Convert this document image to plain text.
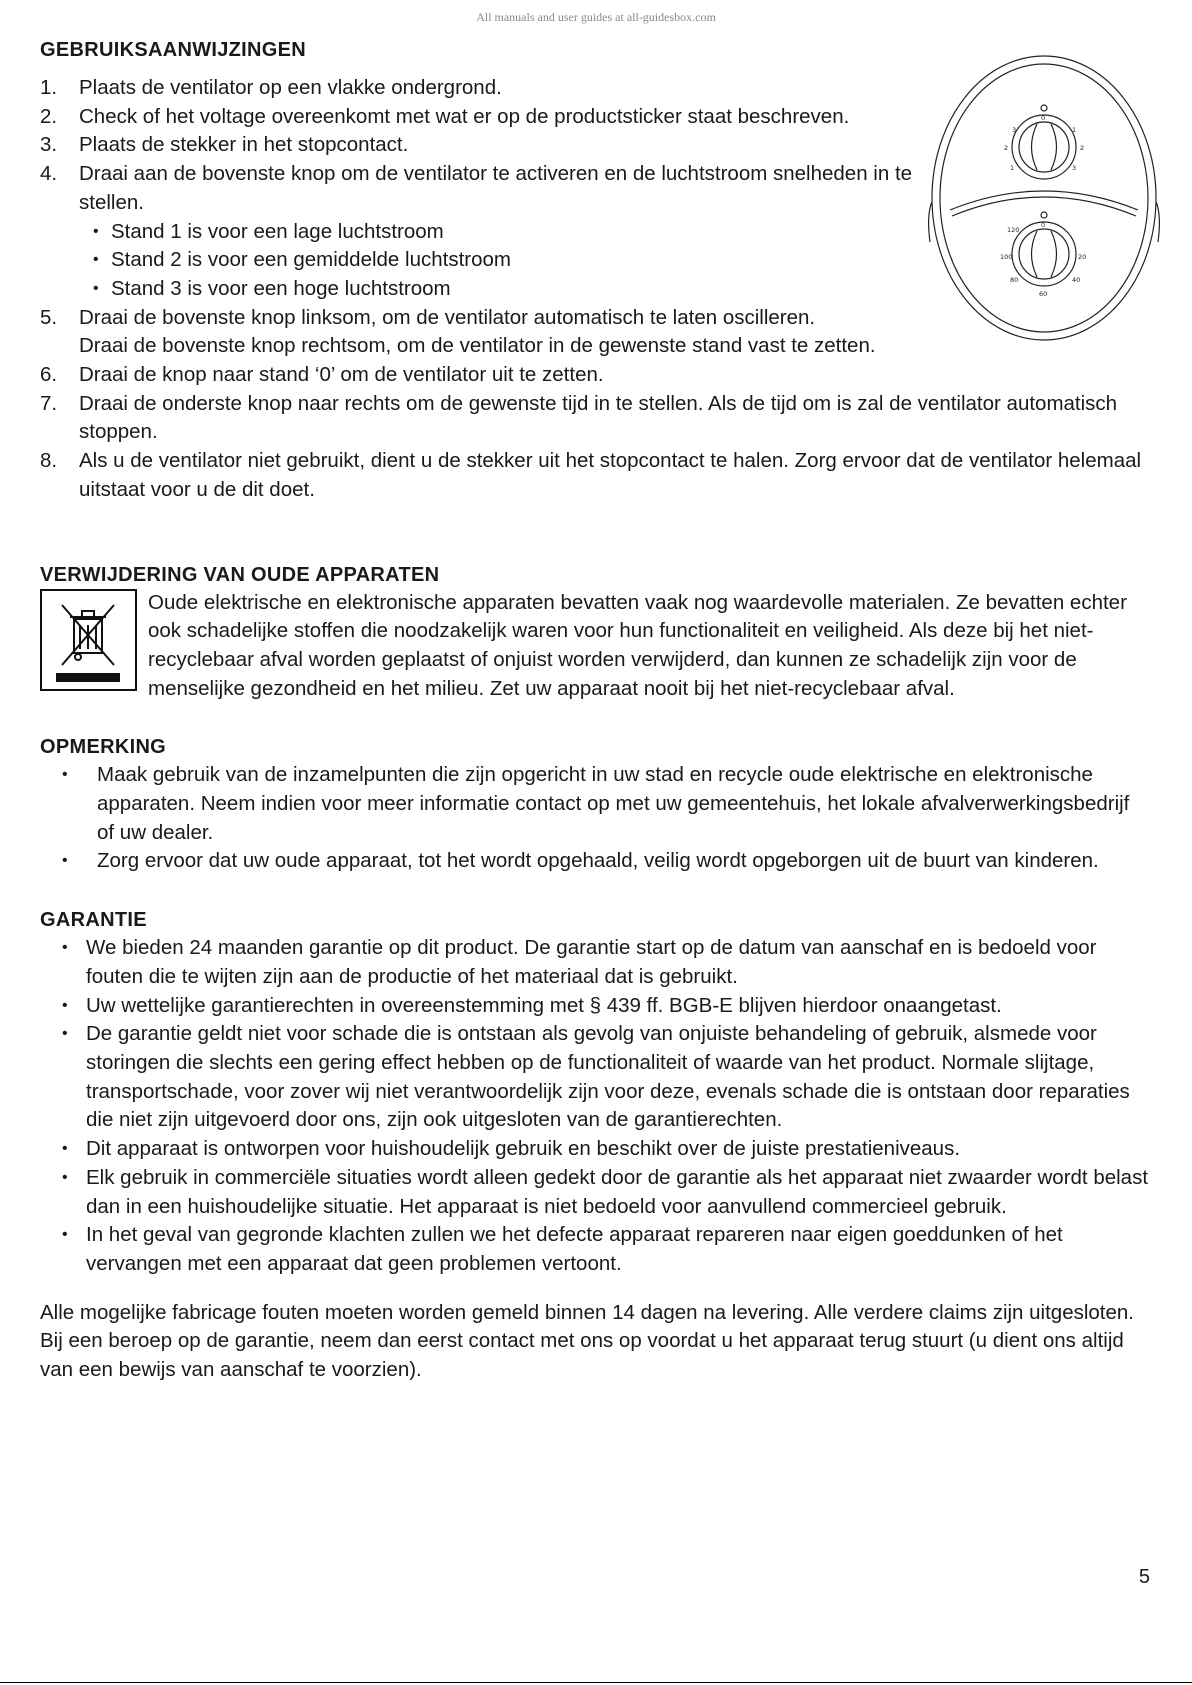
All manuals and user guides at all-guidesbox.com
0
1
2
3
1
2
3
0
120
20
100
40
80
60
GEBRUIKSAANWIJZINGEN
1. Plaats de ventilator op een vlakke ondergrond.
2. Check of het voltage overeenkomt met wat er op de productsticker staat beschreven.
3. Plaats de stekker in het stopcontact.
4. Draai aan de bovenste knop om de ventilator te activeren en de luchtstroom snelheden in te stellen.
• Stand 1 is voor een lage luchtstroom
• Stand 2 is voor een gemiddelde luchtstroom
• Stand 3 is voor een hoge luchtstroom
5. Draai de bovenste knop linksom, om de ventilator automatisch te laten oscilleren.
Draai de bovenste knop rechtsom, om de ventilator in de gewenste stand vast te zetten.
6. Draai de knop naar stand ‘0’ om de ventilator uit te zetten.
7. Draai de onderste knop naar rechts om de gewenste tijd in te stellen. Als de tijd om is zal de ventilator automatisch stoppen.
8. Als u de ventilator niet gebruikt, dient u de stekker uit het stopcontact te halen. Zorg ervoor dat de ventilator helemaal uitstaat voor u de dit doet.
VERWIJDERING VAN OUDE APPARATEN

Oude elektrische en elektronische apparaten bevatten vaak nog waardevolle materialen. Ze bevatten echter ook schadelijke stoffen die noodzakelijk waren voor hun functionaliteit en veiligheid. Als deze bij het niet-recyclebaar afval worden geplaatst of onjuist worden verwijderd, dan kunnen ze schadelijk zijn voor de menselijke gezondheid en het milieu. Zet uw apparaat nooit bij het niet-recyclebaar afval.

OPMERKING
• Maak gebruik van de inzamelpunten die zijn opgericht in uw stad en recycle oude elektrische en elektronische apparaten. Neem indien voor meer informatie contact op met uw gemeentehuis, het lokale afvalverwerkingsbedrijf of uw dealer.
• Zorg ervoor dat uw oude apparaat, tot het wordt opgehaald, veilig wordt opgeborgen uit de buurt van kinderen.
GARANTIE
• We bieden 24 maanden garantie op dit product. De garantie start op de datum van aanschaf en is bedoeld voor fouten die te wijten zijn aan de productie of het materiaal dat is gebruikt.
• Uw wettelijke garantierechten in overeenstemming met § 439 ff. BGB-E blijven hierdoor onaangetast.
• De garantie geldt niet voor schade die is ontstaan als gevolg van onjuiste behandeling of gebruik, alsmede voor storingen die slechts een gering effect hebben op de functionaliteit of waarde van het product. Normale slijtage, transportschade, voor zover wij niet verantwoordelijk zijn voor deze, evenals schade die is ontstaan door reparaties die niet zijn uitgevoerd door ons, zijn ook uitgesloten van de garantierechten.
• Dit apparaat is ontworpen voor huishoudelijk gebruik en beschikt over de juiste prestatieniveaus.
• Elk gebruik in commerciële situaties wordt alleen gedekt door de garantie als het apparaat niet zwaarder wordt belast dan in een huishoudelijke situatie. Het apparaat is niet bedoeld voor aanvullend commercieel gebruik.
• In het geval van gegronde klachten zullen we het defecte apparaat repareren naar eigen goeddunken of het vervangen met een apparaat dat geen problemen vertoont.

Alle mogelijke fabricage fouten moeten worden gemeld binnen 14 dagen na levering. Alle verdere claims zijn uitgesloten.

Bij een beroep op de garantie, neem dan eerst contact met ons op voordat u het apparaat terug stuurt (u dient ons altijd van een bewijs van aanschaf te voorzien).

5
